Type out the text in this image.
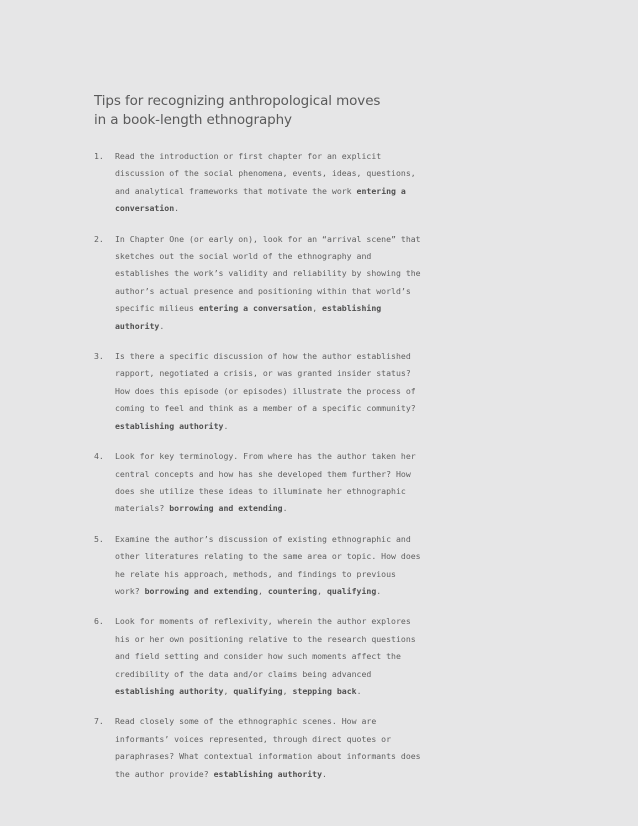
Tips for recognizing anthropological moves
in a book-length ethnography
1. Read the introduction or first chapter for an explicit discussion of the social phenomena, events, ideas, questions, and analytical frameworks that motivate the work entering a conversation.
2. In Chapter One (or early on), look for an “arrival scene” that sketches out the social world of the ethnography and establishes the work’s validity and reliability by showing the author’s actual presence and positioning within that world’s specific milieus entering a conversation, establishing authority.
3. Is there a specific discussion of how the author established rapport, negotiated a crisis, or was granted insider status? How does this episode (or episodes) illustrate the process of coming to feel and think as a member of a specific community? establishing authority.
4. Look for key terminology. From where has the author taken her central concepts and how has she developed them further? How does she utilize these ideas to illuminate her ethnographic materials? borrowing and extending.
5. Examine the author’s discussion of existing ethnographic and other literatures relating to the same area or topic. How does he relate his approach, methods, and findings to previous work? borrowing and extending, countering, qualifying.
6. Look for moments of reflexivity, wherein the author explores his or her own positioning relative to the research questions and field setting and consider how such moments affect the credibility of the data and/or claims being advanced establishing authority, qualifying, stepping back.
7. Read closely some of the ethnographic scenes. How are informants’ voices represented, through direct quotes or paraphrases? What contextual information about informants does the author provide? establishing authority.
